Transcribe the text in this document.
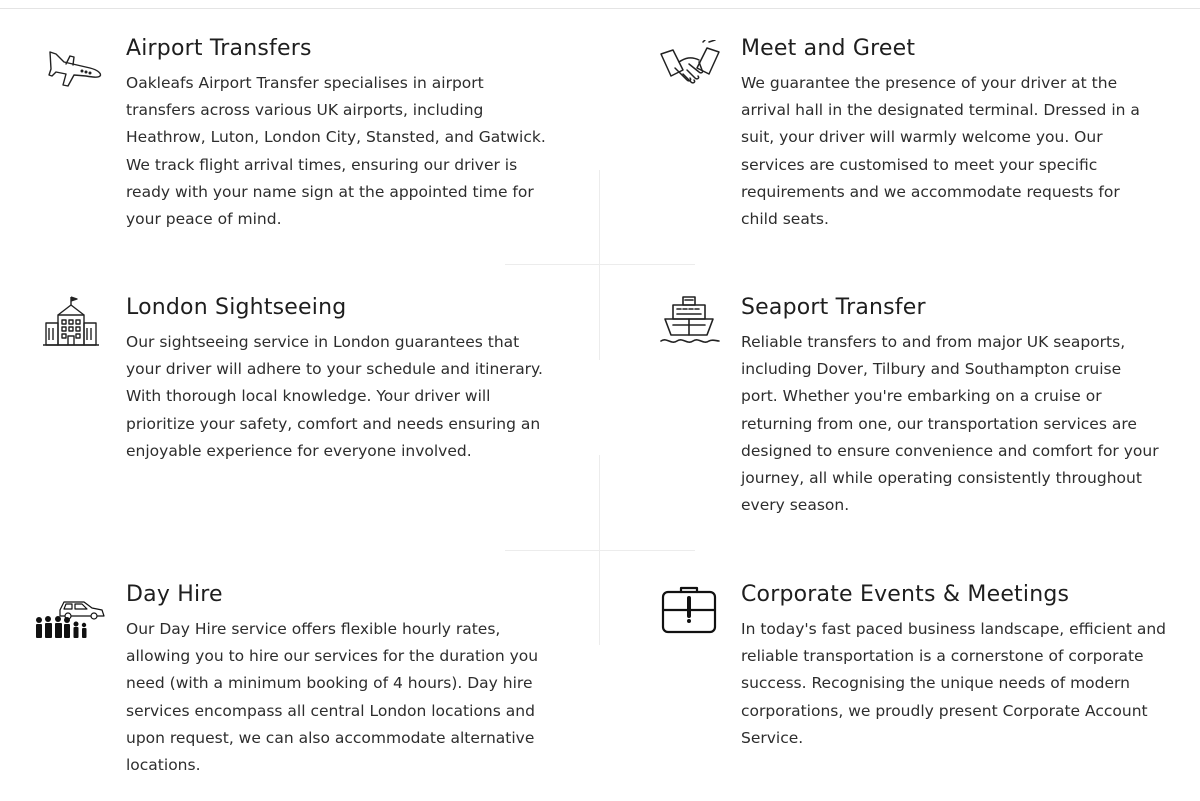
Airport Transfers

Oakleafs Airport Transfer specialises in airport transfers across various UK airports, including Heathrow, Luton, London City, Stansted, and Gatwick. We track flight arrival times, ensuring our driver is ready with your name sign at the appointed time for your peace of mind.

Meet and Greet

We guarantee the presence of your driver at the arrival hall in the designated terminal. Dressed in a suit, your driver will warmly welcome you. Our services are customised to meet your specific requirements and we accommodate requests for child seats.

London Sightseeing

Our sightseeing service in London guarantees that your driver will adhere to your schedule and itinerary. With thorough local knowledge. Your driver will prioritize your safety, comfort and needs ensuring an enjoyable experience for everyone involved.

Seaport Transfer

Reliable transfers to and from major UK seaports, including Dover, Tilbury and Southampton cruise port. Whether you're embarking on a cruise or returning from one, our transportation services are designed to ensure convenience and comfort for your journey, all while operating consistently throughout every season.

Day Hire

Our Day Hire service offers flexible hourly rates, allowing you to hire our services for the duration you need (with a minimum booking of 4 hours). Day hire services encompass all central London locations and upon request, we can also accommodate alternative locations.

Corporate Events & Meetings

In today's fast paced business landscape, efficient and reliable transportation is a cornerstone of corporate success. Recognising the unique needs of modern corporations, we proudly present Corporate Account Service.
